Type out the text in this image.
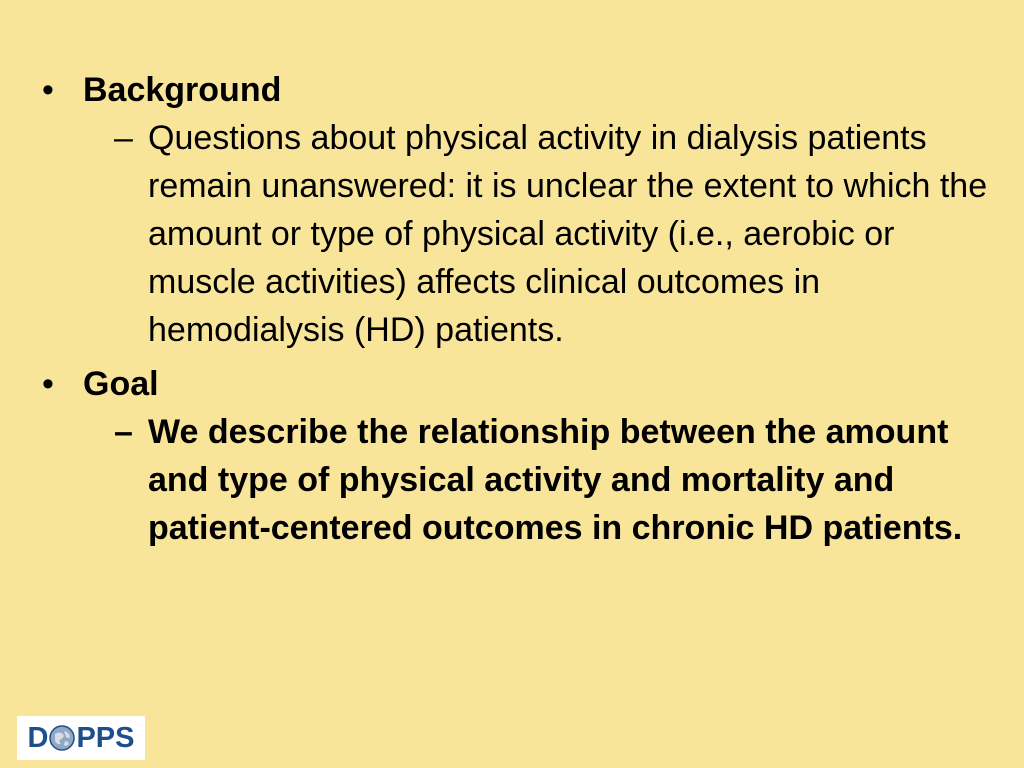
• Background
– Questions about physical activity in dialysis patients remain unanswered: it is unclear the extent to which the amount or type of physical activity (i.e., aerobic or muscle activities) affects clinical outcomes in hemodialysis (HD) patients.
• Goal
– We describe the relationship between the amount and type of physical activity and mortality and patient-centered outcomes in chronic HD patients.
D PPS
